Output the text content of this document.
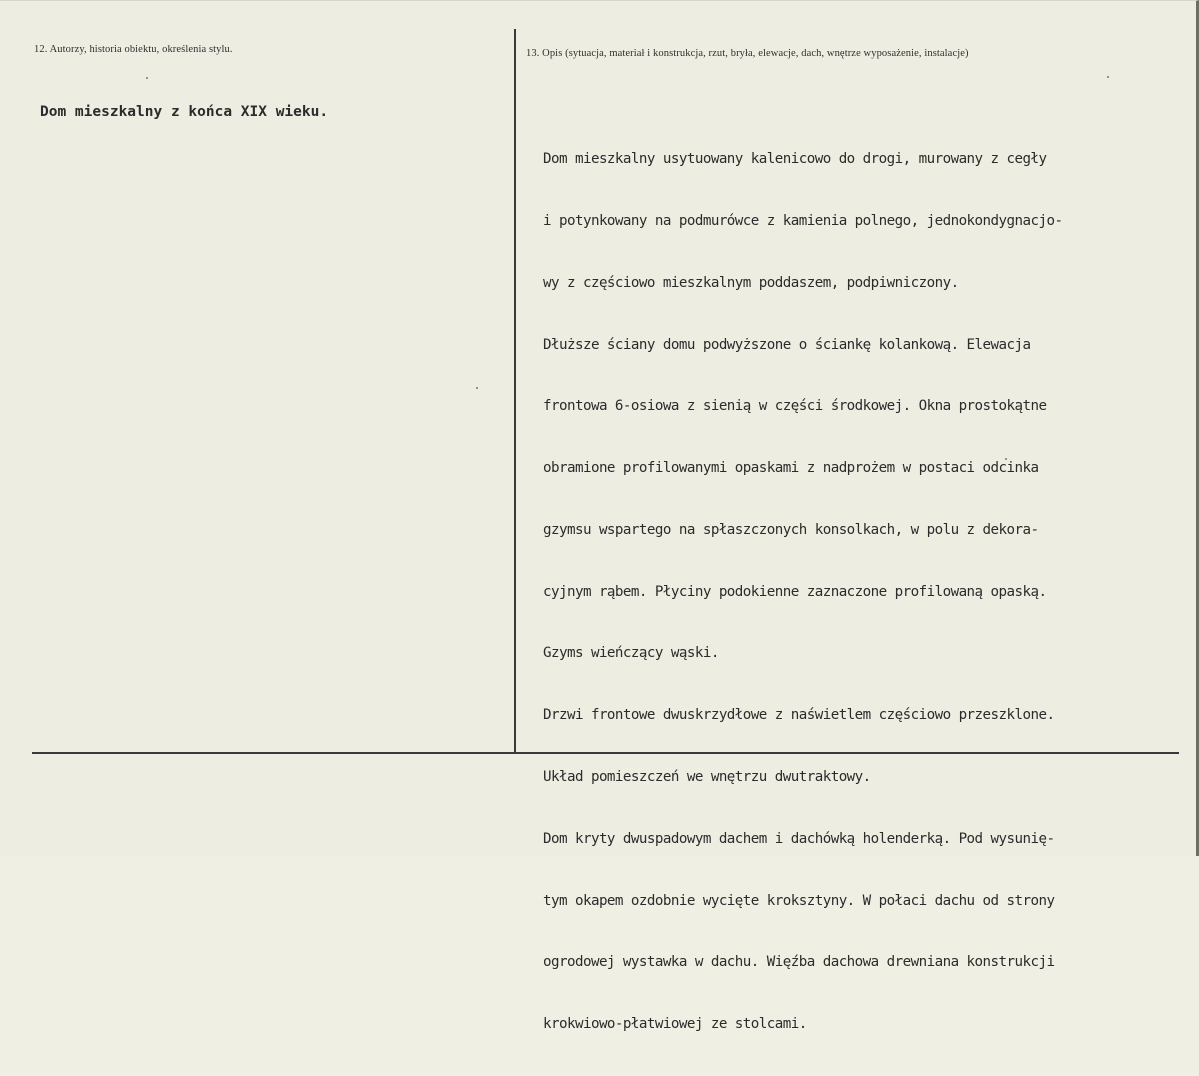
12. Autorzy, historia obiektu, określenia stylu.	13. Opis (sytuacja, materiał i konstrukcja, rzut, bryła, elewacje, dach, wnętrze wyposażenie, instalacje)
Dom mieszkalny z końca XIX wieku.

Dom mieszkalny usytuowany kalenicowo do drogi, murowany z cegły

i potynkowany na podmurówce z kamienia polnego, jednokondygnacjo-

wy z częściowo mieszkalnym poddaszem, podpiwniczony.

Dłuższe ściany domu podwyższone o ściankę kolankową. Elewacja

frontowa 6-osiowa z sienią w części środkowej. Okna prostokątne

obramione profilowanymi opaskami z nadprożem w postaci odcinka

gzymsu wspartego na spłaszczonych konsolkach, w polu z dekora-

cyjnym rąbem. Płyciny podokienne zaznaczone profilowaną opaską.

Gzyms wieńczący wąski.

Drzwi frontowe dwuskrzydłowe z naświetlem częściowo przeszklone.

Układ pomieszczeń we wnętrzu dwutraktowy.

Dom kryty dwuspadowym dachem i dachówką holenderką. Pod wysunię-

tym okapem ozdobnie wycięte kroksztyny. W połaci dachu od strony

ogrodowej wystawka w dachu. Więźba dachowa drewniana konstrukcji

krokwiowo-płatwiowej ze stolcami.
